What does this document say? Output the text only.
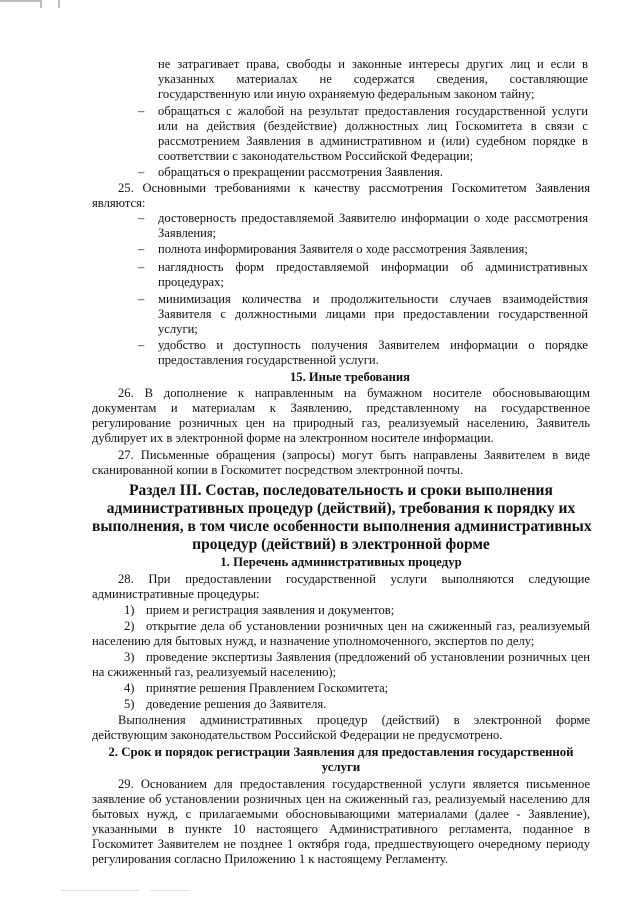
не затрагивает права, свободы и законные интересы других лиц и если в
указанных материалах не содержатся сведения, составляющие
государственную или иную охраняемую федеральным законом тайну;
– обращаться с жалобой на результат предоставления государственной услуги
или на действия (бездействие) должностных лиц Госкомитета в связи с
рассмотрением Заявления в административном и (или) судебном порядке в
соответствии с законодательством Российской Федерации;
– обращаться о прекращении рассмотрения Заявления.
25. Основными требованиями к качеству рассмотрения Госкомитетом Заявления
являются:
– достоверность предоставляемой Заявителю информации о ходе рассмотрения
Заявления;
– полнота информирования Заявителя о ходе рассмотрения Заявления;
– наглядность форм предоставляемой информации об административных
процедурах;
– минимизация количества и продолжительности случаев взаимодействия
Заявителя с должностными лицами при предоставлении государственной
услуги;
– удобство и доступность получения Заявителем информации о порядке
предоставления государственной услуги.
15. Иные требования
26. В дополнение к направленным на бумажном носителе обосновывающим
документам и материалам к Заявлению, представленному на государственное
регулирование розничных цен на природный газ, реализуемый населению, Заявитель
дублирует их в электронной форме на электронном носителе информации.
27. Письменные обращения (запросы) могут быть направлены Заявителем в виде
сканированной копии в Госкомитет посредством электронной почты.
Раздел III. Состав, последовательность и сроки выполнения
административных процедур (действий), требования к порядку их
выполнения, в том числе особенности выполнения административных
процедур (действий) в электронной форме
1. Перечень административных процедур
28. При предоставлении государственной услуги выполняются следующие
административные процедуры:
1) прием и регистрация заявления и документов;
2) открытие дела об установлении розничных цен на сжиженный газ, реализуемый
населению для бытовых нужд, и назначение уполномоченного, экспертов по делу;
3) проведение экспертизы Заявления (предложений об установлении розничных цен
на сжиженный газ, реализуемый населению);
4) принятие решения Правлением Госкомитета;
5) доведение решения до Заявителя.
Выполнения административных процедур (действий) в электронной форме
действующим законодательством Российской Федерации не предусмотрено.
2. Срок и порядок регистрации Заявления для предоставления государственной
услуги
29. Основанием для предоставления государственной услуги является письменное
заявление об установлении розничных цен на сжиженный газ, реализуемый населению для
бытовых нужд, с прилагаемыми обосновывающими материалами (далее - Заявление),
указанными в пункте 10 настоящего Административного регламента, поданное в
Госкомитет Заявителем не позднее 1 октября года, предшествующего очередному периоду
регулирования согласно Приложению 1 к настоящему Регламенту.
